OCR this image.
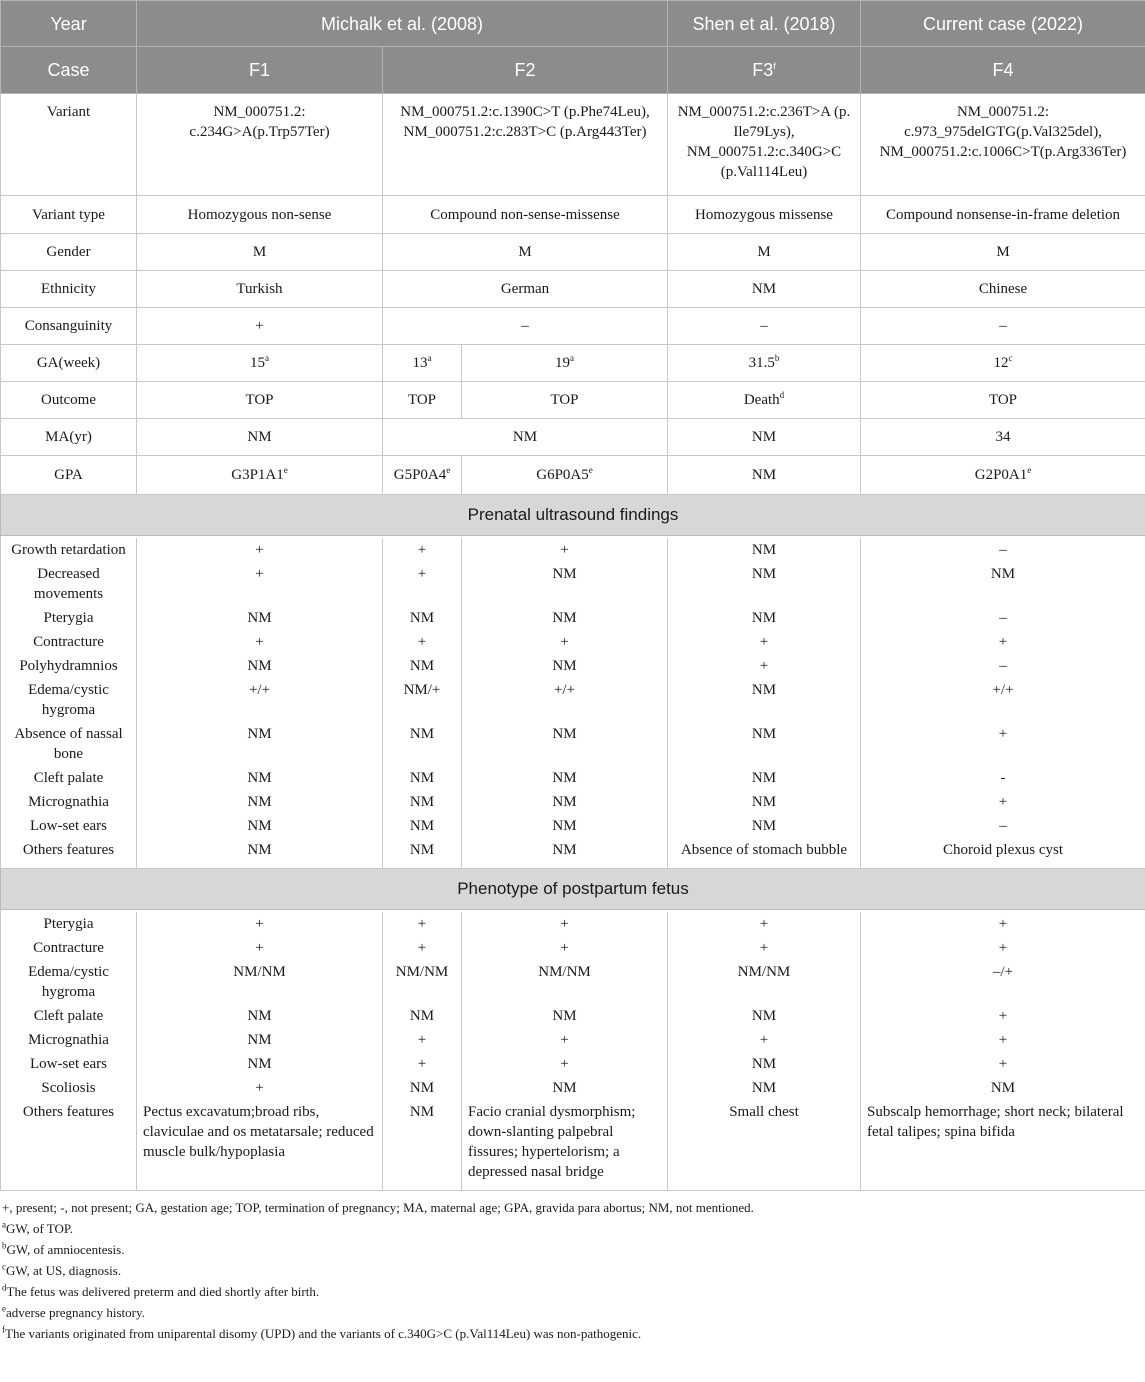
Year	Michalk et al. (2008)			Shen et al. (2018)	Current case (2022)
Case	F1	F2		F3$^f$	F4
Variant	NM_000751.2: c.234G>A(p.Trp57Ter)	NM_000751.2:c.1390C>T (p.Phe74Leu), NM_000751.2:c.283T>C (p.Arg443Ter)		NM_000751.2:c.236T>A (p. Ile79Lys), NM_000751.2:c.340G>C (p.Val114Leu)	NM_000751.2: c.973_975delGTG(p.Val325del), NM_000751.2:c.1006C>T(p.Arg336Ter)
Variant type	Homozygous non-sense	Compound non-sense-missense		Homozygous missense	Compound nonsense-in-frame deletion
Gender	M	M		M	M
Ethnicity	Turkish	German		NM	Chinese
Consanguinity	+	–		–	–
GA(week)	15$^a$	13$^a$	19$^a$	31.5$^b$	12$^c$
Outcome	TOP	TOP	TOP	Death$^d$	TOP
MA(yr)	NM	NM		NM	34
GPA	G3P1A1e	G5P0A4e	G6P0A5e	NM	G2P0A1e
Prenatal ultrasound findings					

Growth retardation	+	+	+	NM	–
Decreased movements	+	+	NM	NM	NM
Pterygia	NM	NM	NM	NM	–
Contracture	+	+	+	+	+
Polyhydramnios	NM	NM	NM	+	–
Edema/cystic hygroma	+/+	NM/+	+/+	NM	+/+
Absence of nassal bone	NM	NM	NM	NM	+
Cleft palate	NM	NM	NM	NM	-
Micrognathia	NM	NM	NM	NM	+
Low-set ears	NM	NM	NM	NM	–
Others features	NM	NM	NM	Absence of stomach bubble	Choroid plexus cyst
Phenotype of postpartum fetus					

Pterygia	+	+	+	+	+
Contracture	+	+	+	+	+
Edema/cystic hygroma	NM/NM	NM/NM	NM/NM	NM/NM	–/+
Cleft palate	NM	NM	NM	NM	+
Micrognathia	NM	+	+	+	+
Low-set ears	NM	+	+	NM	+
Scoliosis	+	NM	NM	NM	NM
Others features	Pectus excavatum;broad ribs, claviculae and os metatarsale; reduced muscle bulk/hypoplasia	NM	Facio cranial dysmorphism; down-slanting palpebral fissures; hypertelorism; a depressed nasal bridge	Small chest	Subscalp hemorrhage; short neck; bilateral fetal talipes; spina bifida
+, present; -, not present; GA, gestation age; TOP, termination of pregnancy; MA, maternal age; GPA, gravida para abortus; NM, not mentioned.
$^a$GW, of TOP.
$^b$GW, of amniocentesis.
$^c$GW, at US, diagnosis.
$^d$The fetus was delivered preterm and died shortly after birth.
$^e$adverse pregnancy history.
$^f$The variants originated from uniparental disomy (UPD) and the variants of c.340G>C (p.Val114Leu) was non-pathogenic.
